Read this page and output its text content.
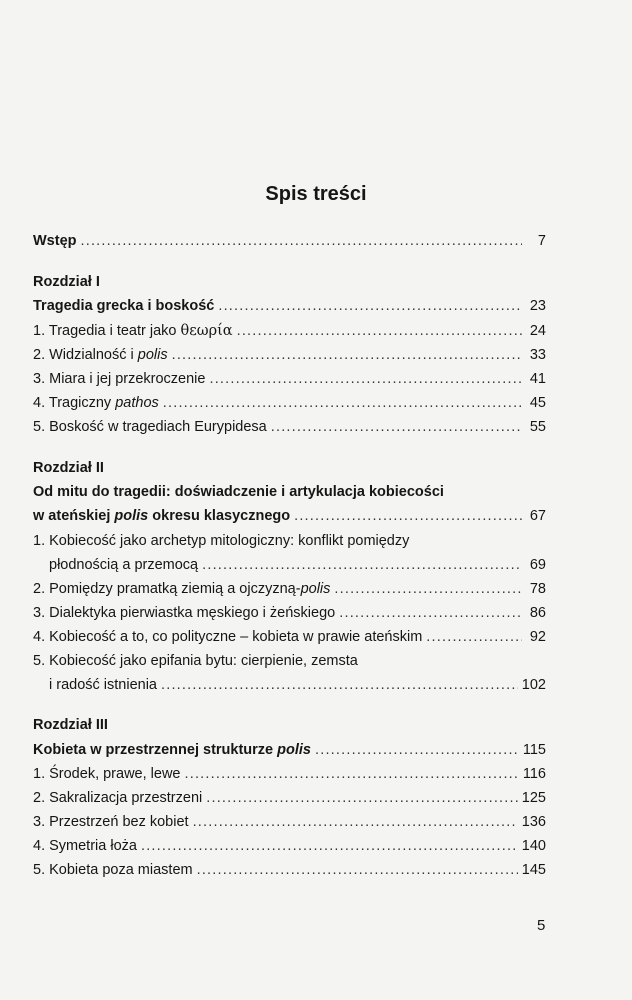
Spis treści
Wstęp .....	7
Rozdział I
Tragedia grecka i boskość .....	23
1. Tragedia i teatr jako θεωρία .....	24
2. Widzialność i polis .....	33
3. Miara i jej przekroczenie .....	41
4. Tragiczny pathos .....	45
5. Boskość w tragediach Eurypidesa .....	55
Rozdział II
Od mitu do tragedii: doświadczenie i artykulacja kobiecości
w ateńskiej polis okresu klasycznego .....	67
1. Kobiecość jako archetyp mitologiczny: konflikt pomiędzy
płodnością a przemocą .....	69
2. Pomiędzy pramatką ziemią a ojczyzną-polis .....	78
3. Dialektyka pierwiastka męskiego i żeńskiego .....	86
4. Kobiecość a to, co polityczne – kobieta w prawie ateńskim .....	92
5. Kobiecość jako epifania bytu: cierpienie, zemsta
i radość istnienia .....	102
Rozdział III
Kobieta w przestrzennej strukturze polis .....	115
1. Środek, prawe, lewe .....	116
2. Sakralizacja przestrzeni .....	125
3. Przestrzeń bez kobiet .....	136
4. Symetria łoża .....	140
5. Kobieta poza miastem .....	145
5
